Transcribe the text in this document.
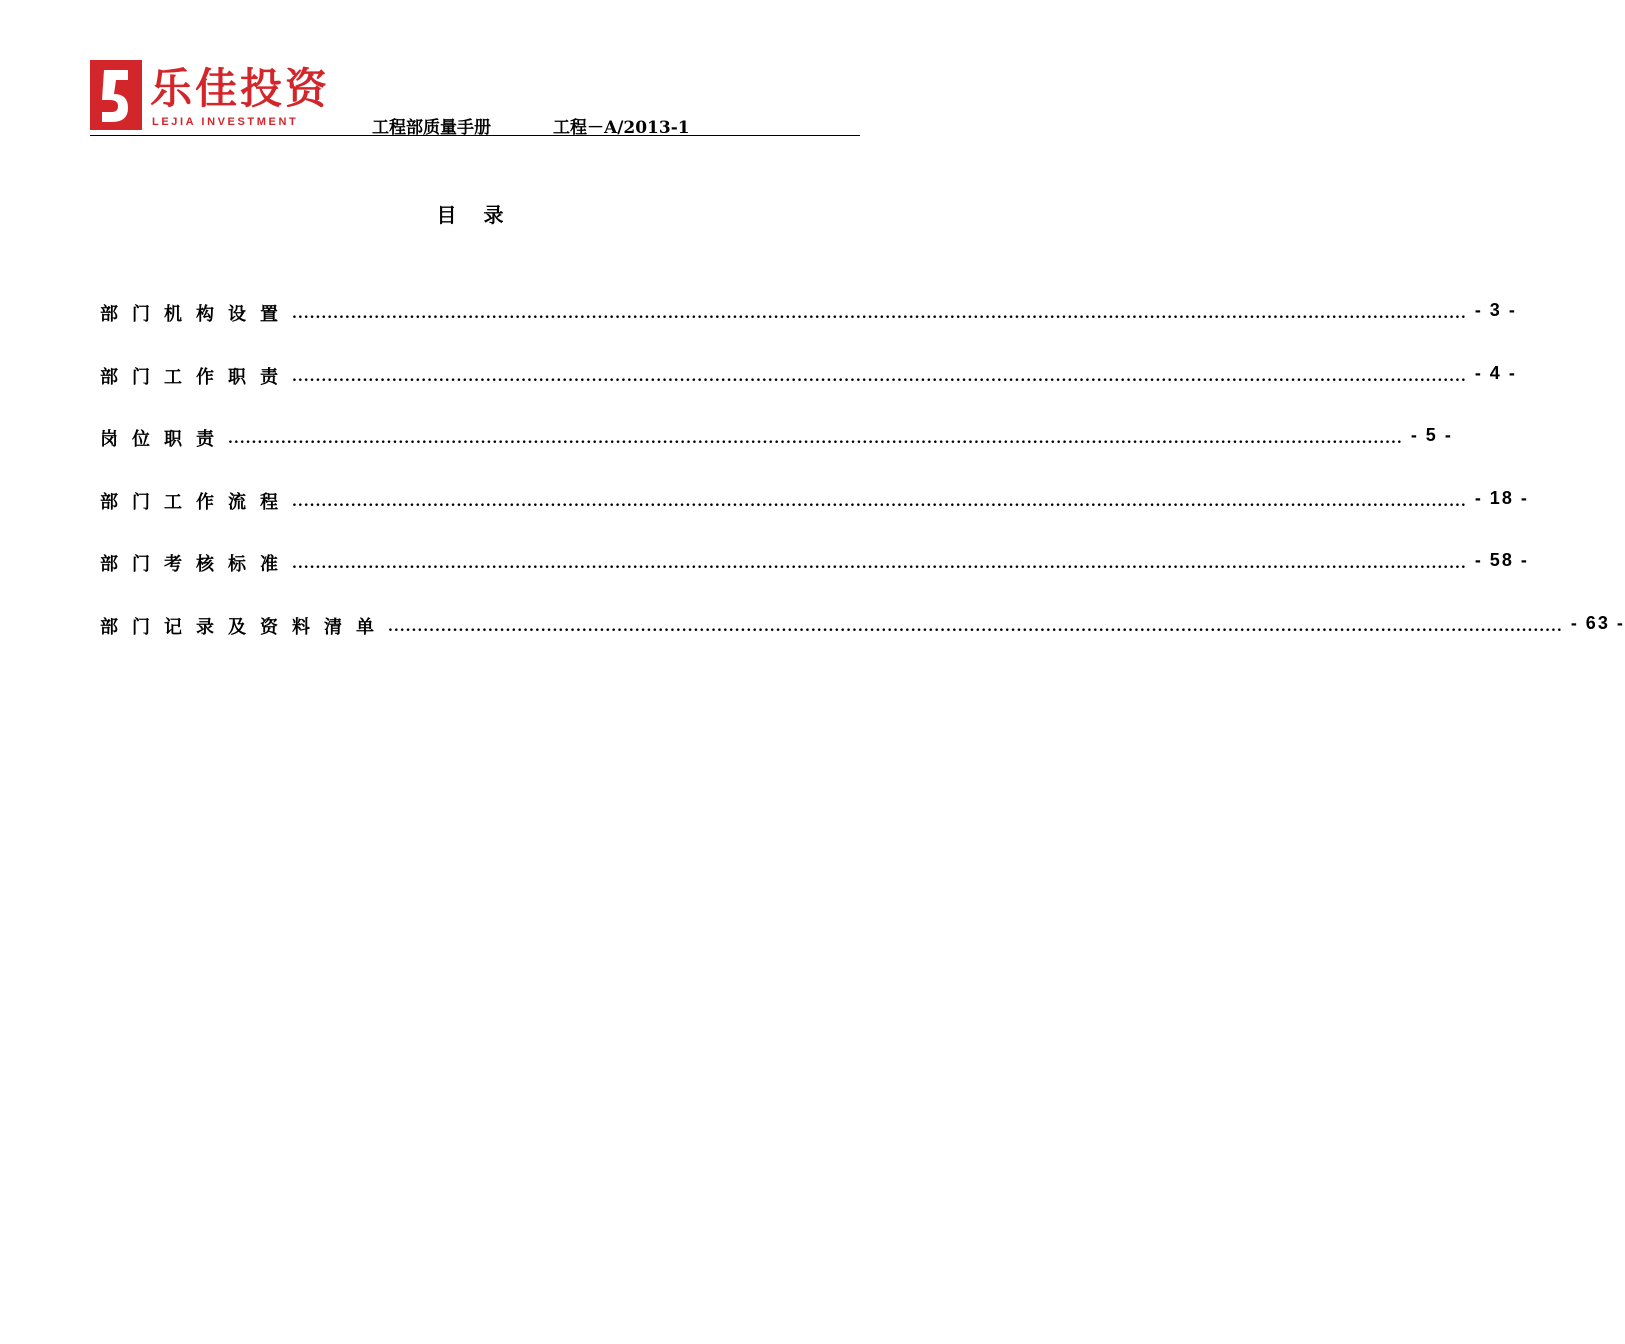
乐佳投资
LEJIA INVESTMENT	工程部质量手册	工程－A/2013-1
目 录
部门机构设置 ........................................................................................................................................................................................................ - 3 -
部门工作职责 ........................................................................................................................................................................................................ - 4 -
岗位职责 ........................................................................................................................................................................................................ - 5 -
部门工作流程 ........................................................................................................................................................................................................ - 18 -
部门考核标准 ........................................................................................................................................................................................................ - 58 -
部门记录及资料清单 ........................................................................................................................................................................................................ - 63 -
